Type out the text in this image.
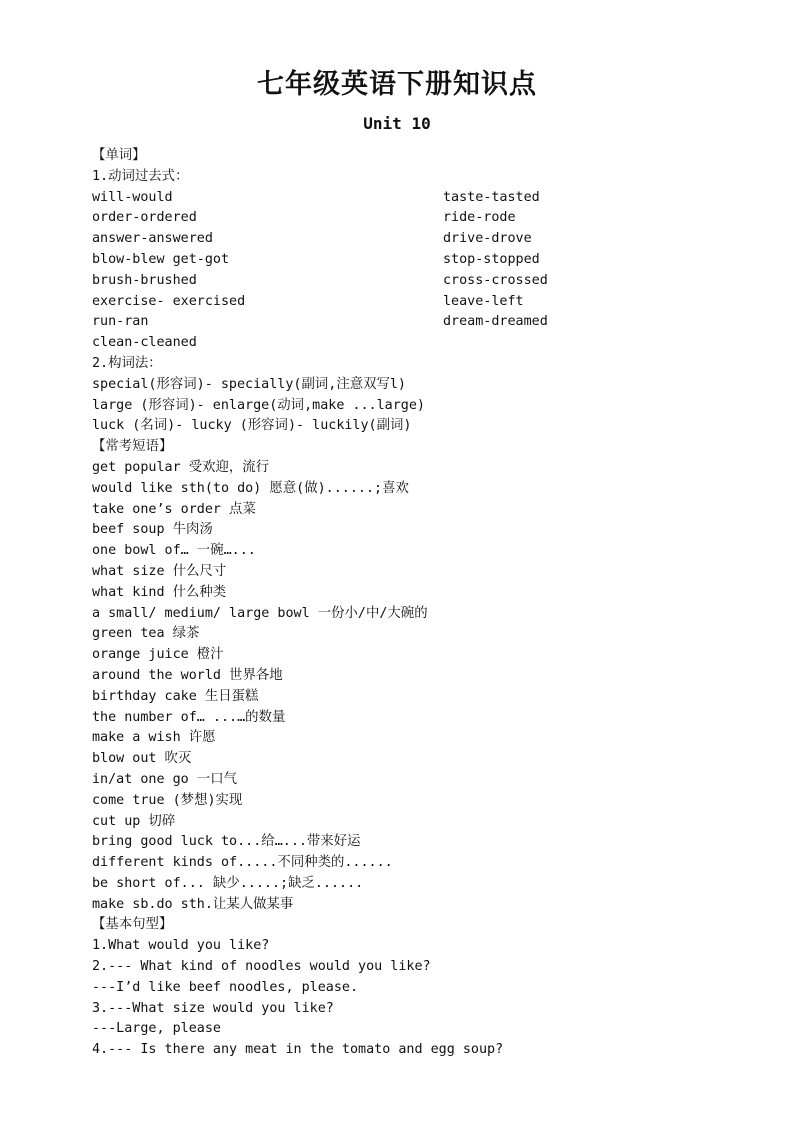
七年级英语下册知识点
Unit 10
【单词】
1.动词过去式：
will-would
order-ordered
answer-answered
blow-blew get-got
brush-brushed
exercise- exercised
run-ran
clean-cleaned
taste-tasted
ride-rode
drive-drove
stop-stopped
cross-crossed
leave-left
dream-dreamed
2.构词法：
special(形容词)- specially(副词,注意双写l)
large (形容词)- enlarge(动词,make ...large)
luck (名词)- lucky (形容词)- luckily(副词)
【常考短语】
get popular 受欢迎，流行
would like sth(to do) 愿意(做)......;喜欢
take one’s order 点菜
beef soup 牛肉汤
one bowl of… 一碗…...
what size 什么尺寸
what kind 什么种类
a small/ medium/ large bowl 一份小/中/大碗的
green tea 绿茶
orange juice 橙汁
around the world 世界各地
birthday cake 生日蛋糕
the number of… ...…的数量
make a wish 许愿
blow out 吹灭
in/at one go 一口气
come true (梦想)实现
cut up 切碎
bring good luck to...给…...带来好运
different kinds of.....不同种类的......
be short of... 缺少.....;缺乏......
make sb.do sth.让某人做某事
【基本句型】
1.What would you like?
2.--- What kind of noodles would you like?
---I’d like beef noodles, please.
3.---What size would you like?
---Large, please
4.--- Is there any meat in the tomato and egg soup?
